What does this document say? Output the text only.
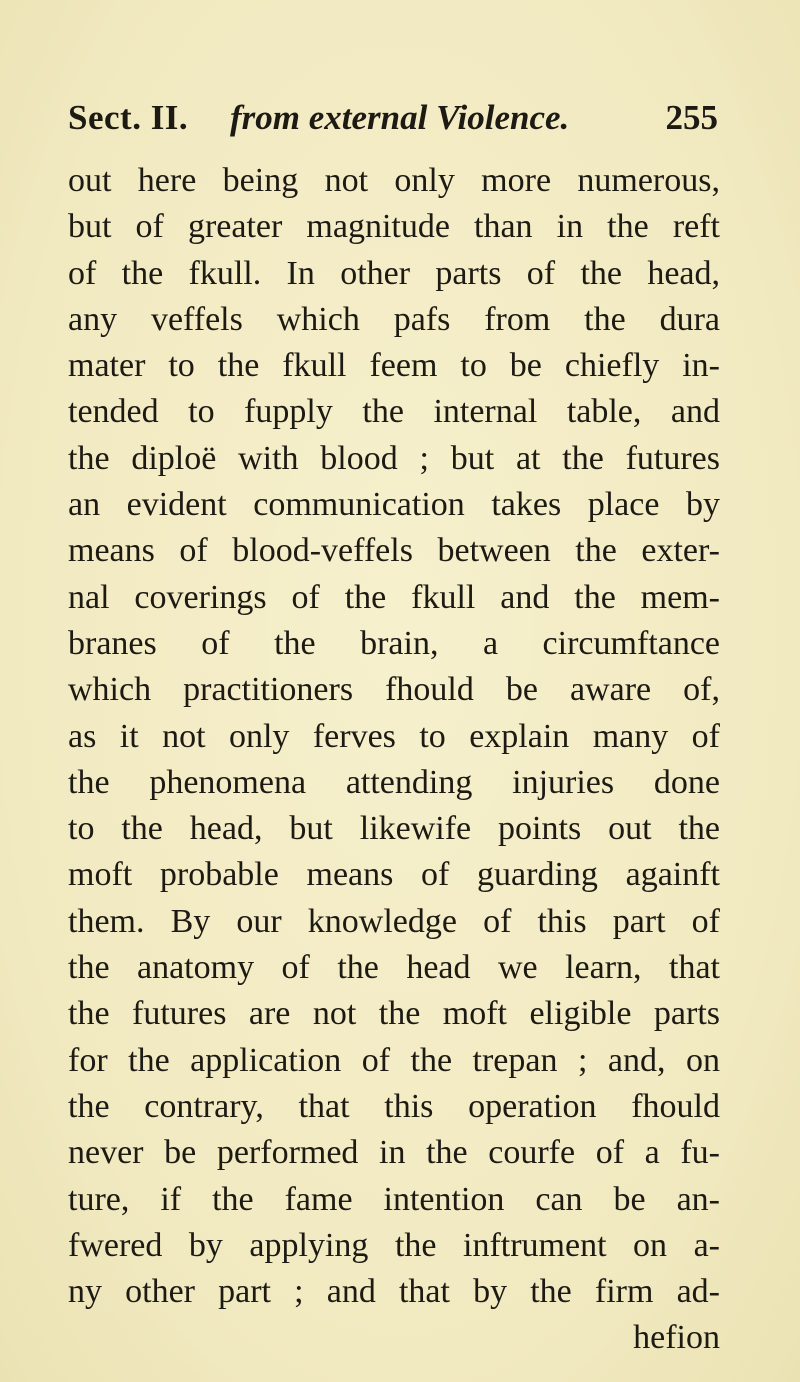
Sect. II. from external Violence.	255
out here being not only more numerous,
but of greater magnitude than in the reft
of the fkull. In other parts of the head,
any veffels which pafs from the dura
mater to the fkull feem to be chiefly in-
tended to fupply the internal table, and
the diploë with blood ; but at the futures
an evident communication takes place by
means of blood-veffels between the exter-
nal coverings of the fkull and the mem-
branes of the brain, a circumftance
which practitioners fhould be aware of,
as it not only ferves to explain many of
the phenomena attending injuries done
to the head, but likewife points out the
moft probable means of guarding againft
them. By our knowledge of this part of
the anatomy of the head we learn, that
the futures are not the moft eligible parts
for the application of the trepan ; and, on
the contrary, that this operation fhould
never be performed in the courfe of a fu-
ture, if the fame intention can be an-
fwered by applying the inftrument on a-
ny other part ; and that by the firm ad-
hefion
